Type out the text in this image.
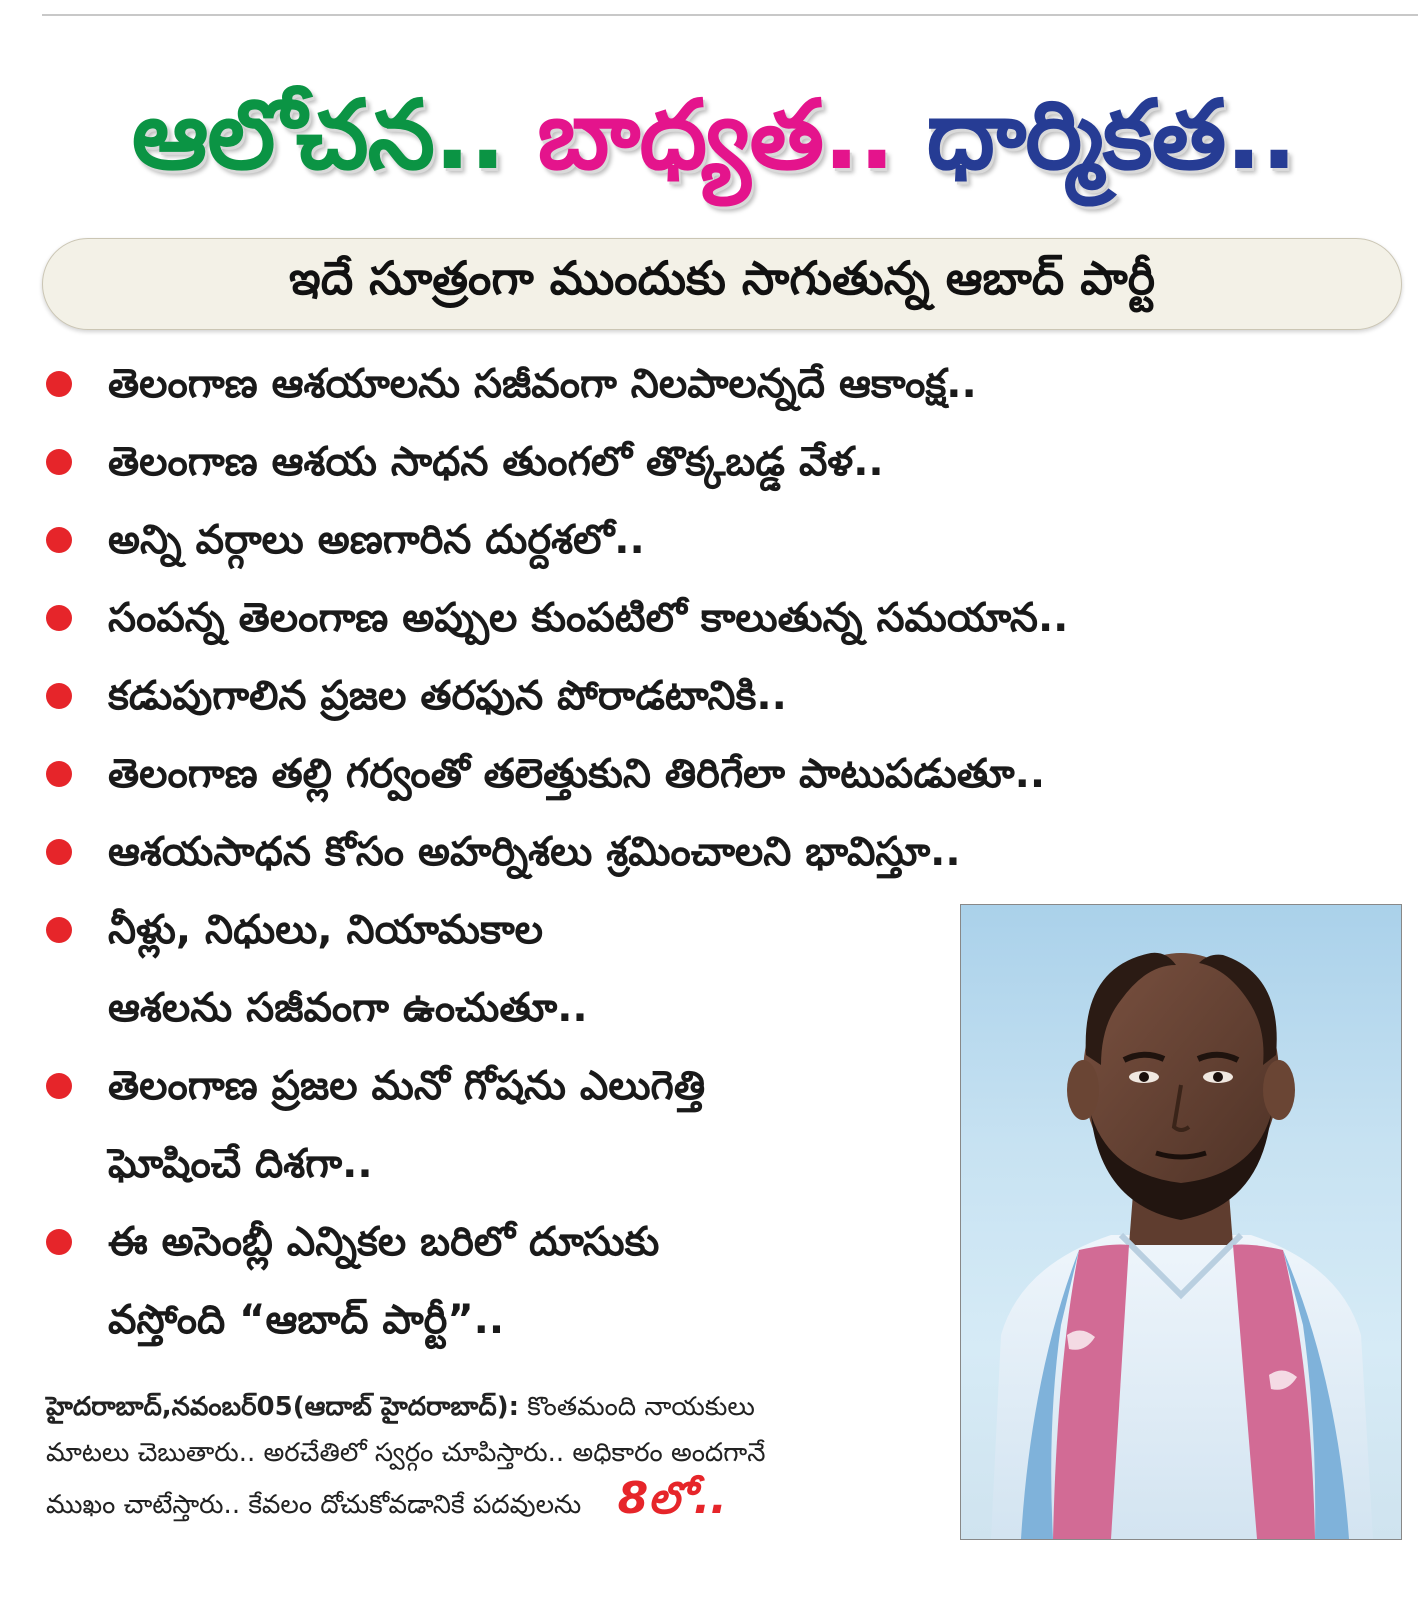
ఆలోచన.. బాధ్యత.. ధార్మికత..
ఇదే సూత్రంగా ముందుకు సాగుతున్న ఆబాద్ పార్టీ
తెలంగాణ ఆశయాలను సజీవంగా నిలపాలన్నదే ఆకాంక్ష..
తెలంగాణ ఆశయ సాధన తుంగలో తొక్కబడ్డ వేళ..
అన్ని వర్గాలు అణగారిన దుర్దశలో..
సంపన్న తెలంగాణ అప్పుల కుంపటిలో కాలుతున్న సమయాన..
కడుపుగాలిన ప్రజల తరఫున పోరాడటానికి..
తెలంగాణ తల్లి గర్వంతో తలెత్తుకుని తిరిగేలా పాటుపడుతూ..
ఆశయసాధన కోసం అహర్నిశలు శ్రమించాలని భావిస్తూ..
నీళ్లు, నిధులు, నియామకాల
ఆశలను సజీవంగా ఉంచుతూ..
తెలంగాణ ప్రజల మనో గోషను ఎలుగెత్తి
ఘోషించే దిశగా..
ఈ అసెంబ్లీ ఎన్నికల బరిలో దూసుకు
వస్తోంది “ఆబాద్ పార్టీ”..
హైదరాబాద్,నవంబర్05(ఆదాబ్ హైదరాబాద్): కొంతమంది నాయకులు
మాటలు చెబుతారు.. అరచేతిలో స్వర్గం చూపిస్తారు.. అధికారం అందగానే
ముఖం చాటేస్తారు.. కేవలం దోచుకోవడానికే పదవులను 8లో..
